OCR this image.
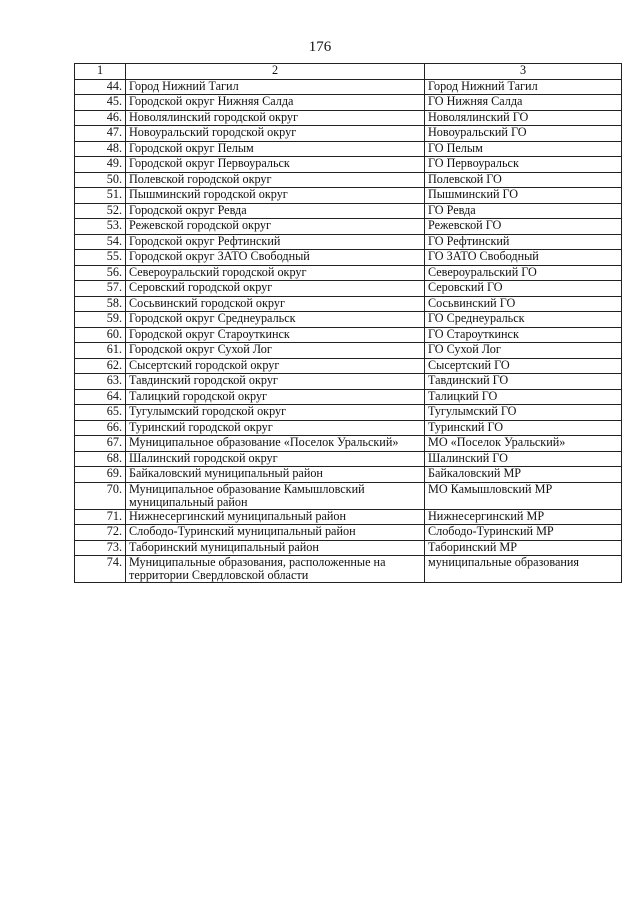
176
1	2	3
44.	Город Нижний Тагил	Город Нижний Тагил
45.	Городской округ Нижняя Салда	ГО Нижняя Салда
46.	Новолялинский городской округ	Новолялинский ГО
47.	Новоуральский городской округ	Новоуральский ГО
48.	Городской округ Пелым	ГО Пелым
49.	Городской округ Первоуральск	ГО Первоуральск
50.	Полевской городской округ	Полевской ГО
51.	Пышминский городской округ	Пышминский ГО
52.	Городской округ Ревда	ГО Ревда
53.	Режевской городской округ	Режевской ГО
54.	Городской округ Рефтинский	ГО Рефтинский
55.	Городской округ ЗАТО Свободный	ГО ЗАТО Свободный
56.	Североуральский городской округ	Североуральский ГО
57.	Серовский городской округ	Серовский ГО
58.	Сосьвинский городской округ	Сосьвинский ГО
59.	Городской округ Среднеуральск	ГО Среднеуральск
60.	Городской округ Староуткинск	ГО Староуткинск
61.	Городской округ Сухой Лог	ГО Сухой Лог
62.	Сысертский городской округ	Сысертский ГО
63.	Тавдинский городской округ	Тавдинский ГО
64.	Талицкий городской округ	Талицкий ГО
65.	Тугулымский городской округ	Тугулымский ГО
66.	Туринский городской округ	Туринский ГО
67.	Муниципальное образование «Поселок Уральский»	МО «Поселок Уральский»
68.	Шалинский городской округ	Шалинский ГО
69.	Байкаловский муниципальный район	Байкаловский МР
70.	Муниципальное образование Камышловский муниципальный район	МО Камышловский МР
71.	Нижнесергинский муниципальный район	Нижнесергинский МР
72.	Слободо-Туринский муниципальный район	Слободо-Туринский МР
73.	Таборинский муниципальный район	Таборинский МР
74.	Муниципальные образования, расположенные на территории Свердловской области	муниципальные образования
